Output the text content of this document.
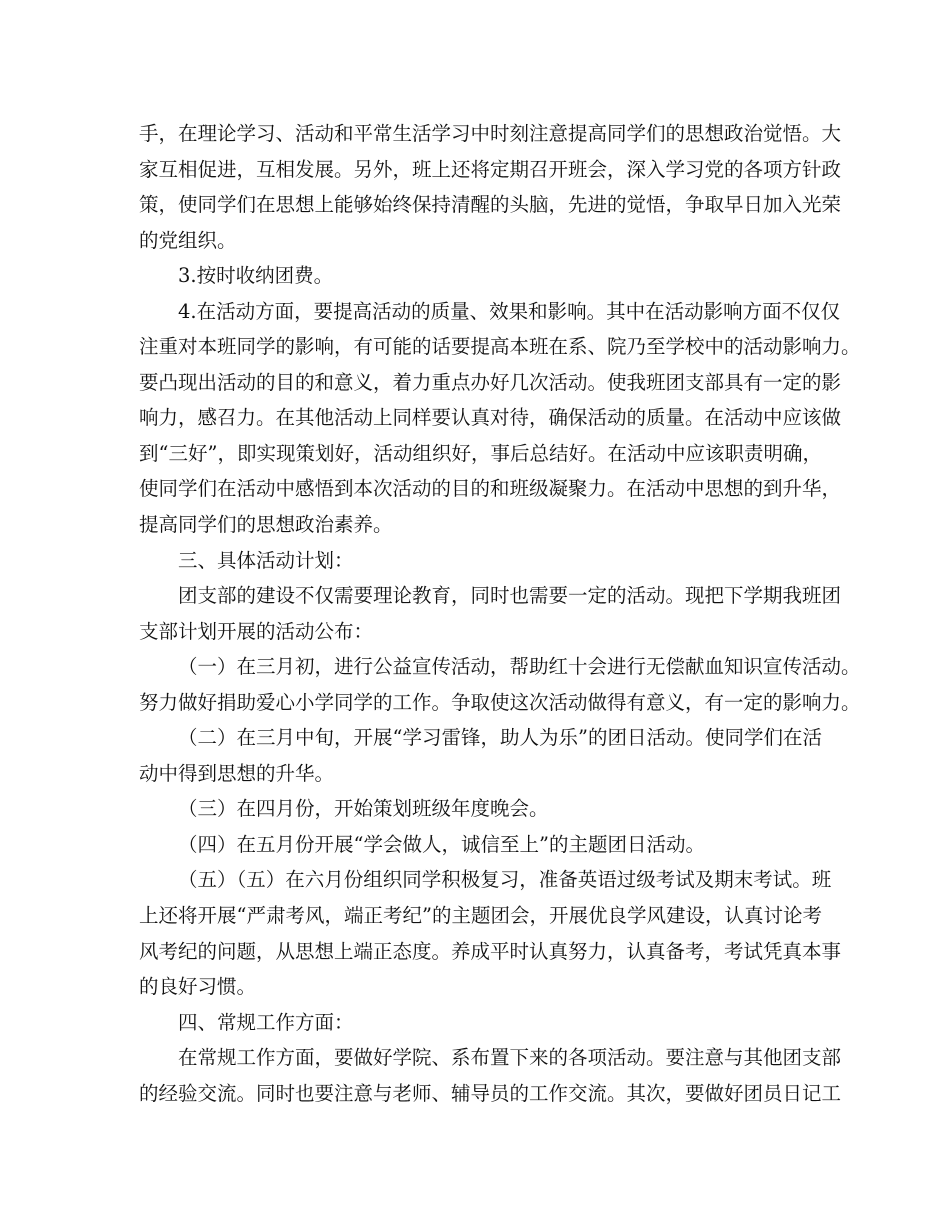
手，在理论学习、活动和平常生活学习中时刻注意提高同学们的思想政治觉悟。大
家互相促进，互相发展。另外，班上还将定期召开班会，深入学习党的各项方针政
策，使同学们在思想上能够始终保持清醒的头脑，先进的觉悟，争取早日加入光荣
的党组织。
3.按时收纳团费。
4.在活动方面，要提高活动的质量、效果和影响。其中在活动影响方面不仅仅
注重对本班同学的影响，有可能的话要提高本班在系、院乃至学校中的活动影响力。
要凸现出活动的目的和意义，着力重点办好几次活动。使我班团支部具有一定的影
响力，感召力。在其他活动上同样要认真对待，确保活动的质量。在活动中应该做
到“三好”，即实现策划好，活动组织好，事后总结好。在活动中应该职责明确，
使同学们在活动中感悟到本次活动的目的和班级凝聚力。在活动中思想的到升华，
提高同学们的思想政治素养。
三、具体活动计划：
团支部的建设不仅需要理论教育，同时也需要一定的活动。现把下学期我班团
支部计划开展的活动公布：
（一）在三月初，进行公益宣传活动，帮助红十会进行无偿献血知识宣传活动。
努力做好捐助爱心小学同学的工作。争取使这次活动做得有意义，有一定的影响力。
（二）在三月中旬，开展“学习雷锋，助人为乐”的团日活动。使同学们在活
动中得到思想的升华。
（三）在四月份，开始策划班级年度晚会。
（四）在五月份开展“学会做人，诚信至上”的主题团日活动。
（五）（五）在六月份组织同学积极复习，准备英语过级考试及期末考试。班
上还将开展“严肃考风，端正考纪”的主题团会，开展优良学风建设，认真讨论考
风考纪的问题，从思想上端正态度。养成平时认真努力，认真备考，考试凭真本事
的良好习惯。
四、常规工作方面：
在常规工作方面，要做好学院、系布置下来的各项活动。要注意与其他团支部
的经验交流。同时也要注意与老师、辅导员的工作交流。其次，要做好团员日记工
